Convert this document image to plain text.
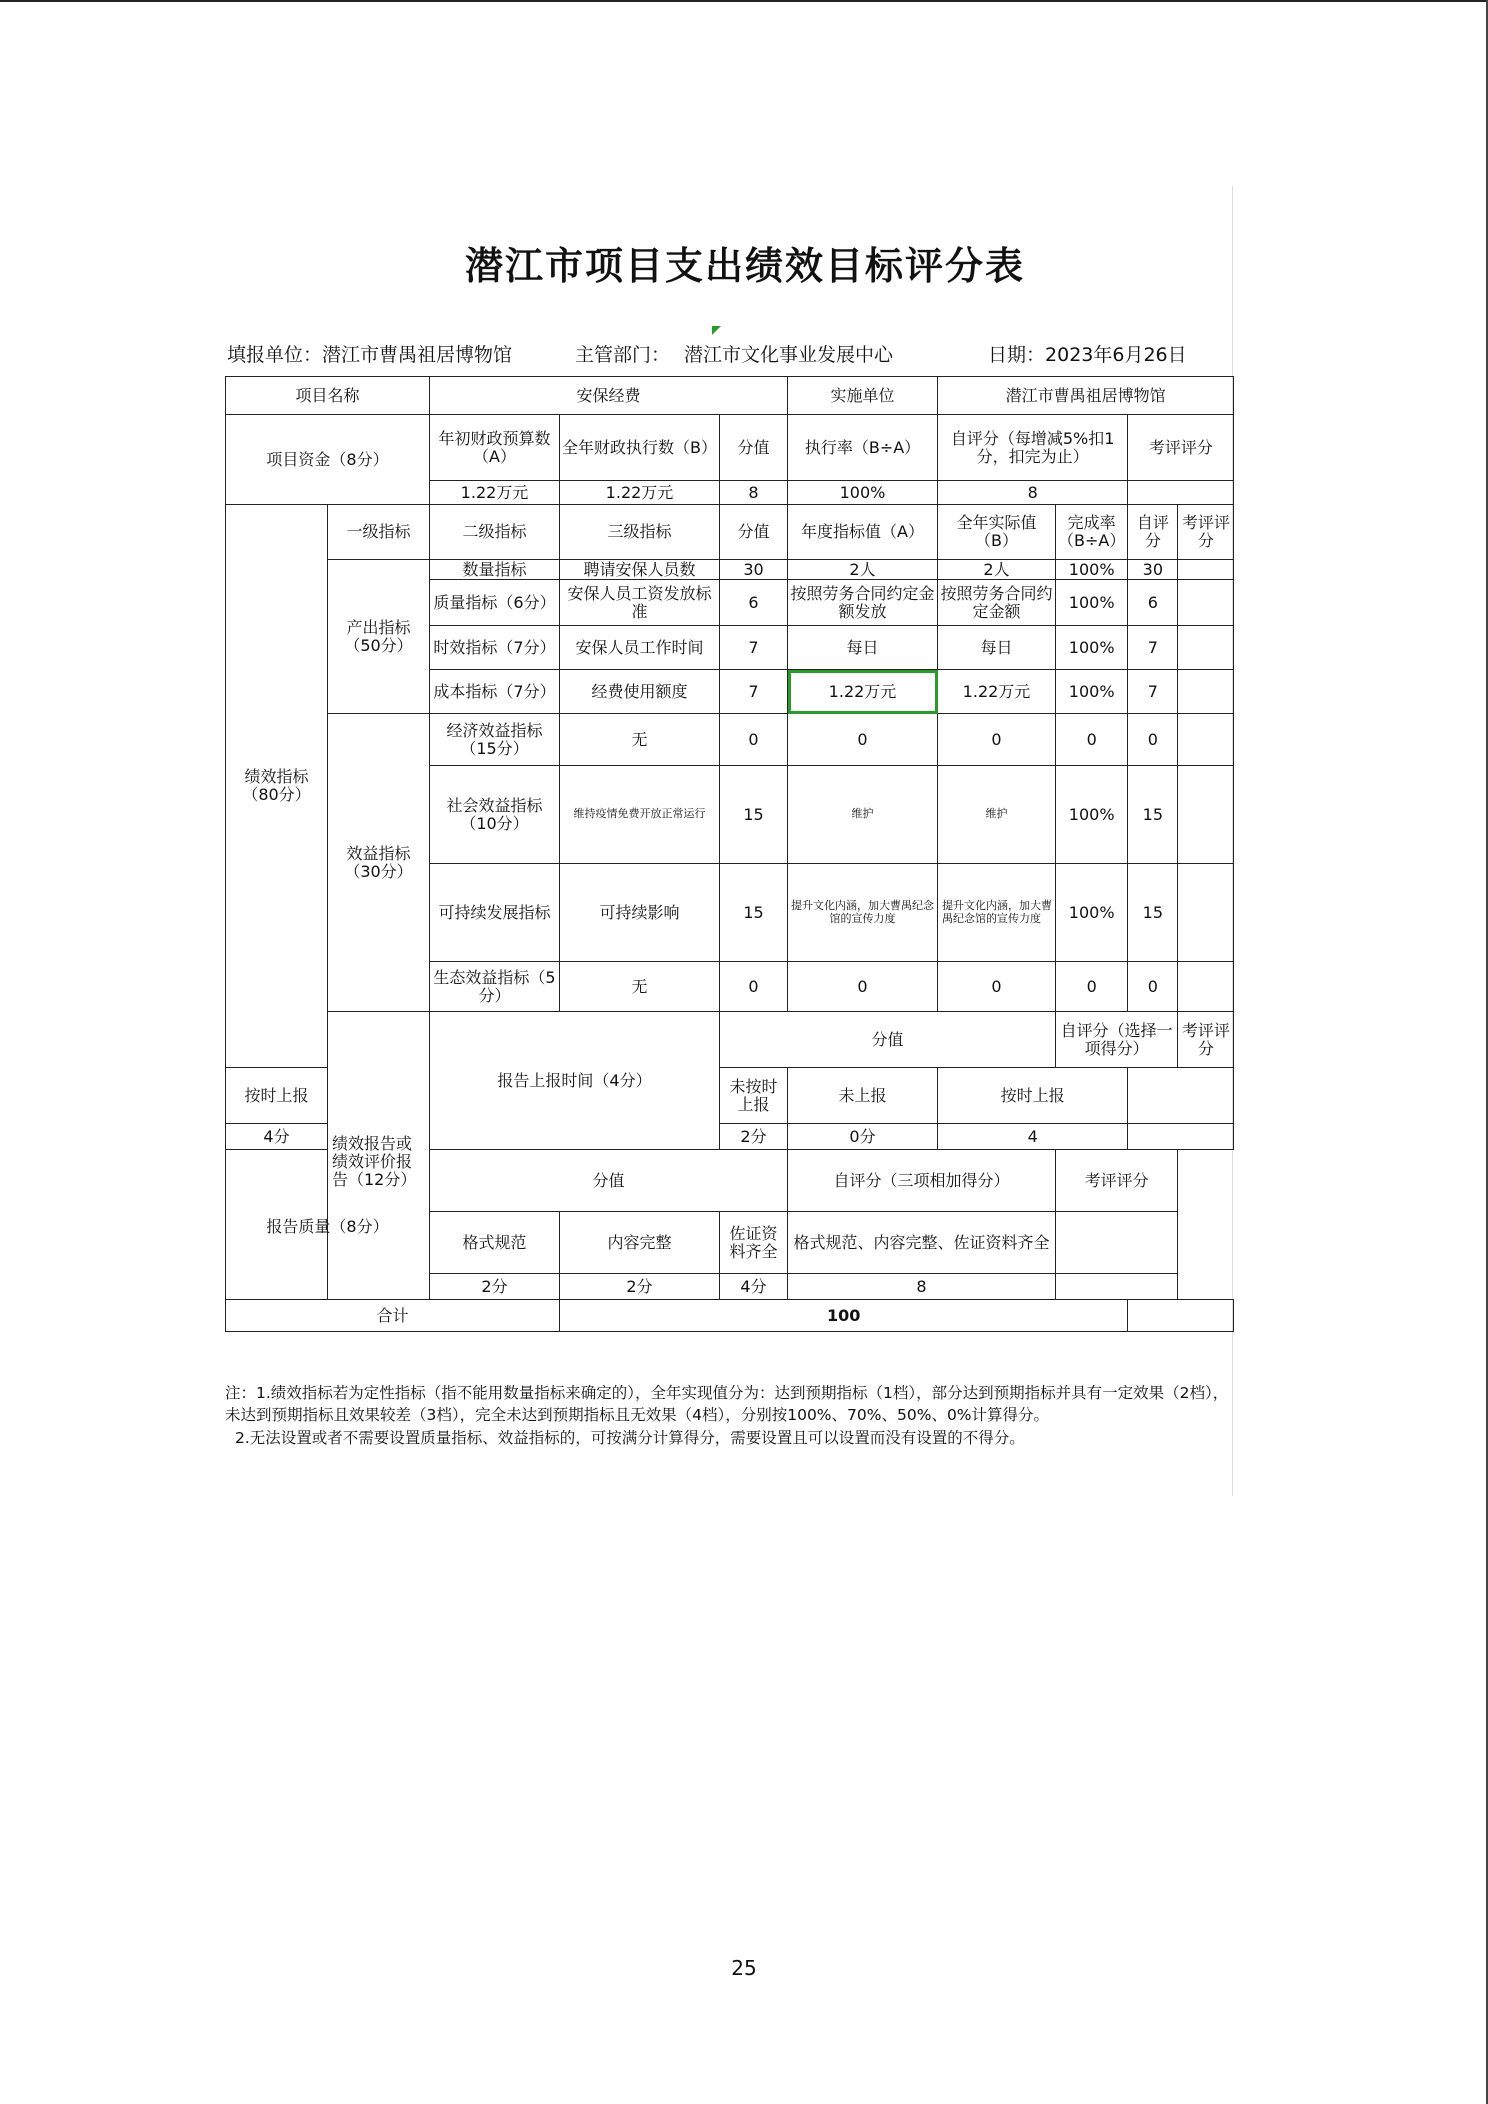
潜江市项目支出绩效目标评分表
填报单位：潜江市曹禺祖居博物馆	主管部门： 潜江市文化事业发展中心	日期：2023年6月26日
项目名称		安保经费			实施单位	潜江市曹禺祖居博物馆			
项目资金（8分）		年初财政预算数（A）	全年财政执行数（B）	分值	执行率（B÷A）	自评分（每增减5%扣1分，扣完为止）		考评评分	
		1.22万元	1.22万元	8	100%	8			
绩效指标（80分）	一级指标	二级指标	三级指标	分值	年度指标值（A）	全年实际值（B）	完成率（B÷A）	自评分	考评评分
	产出指标（50分）	数量指标	聘请安保人员数	30	2人	2人	100%	30	
		质量指标（6分）	安保人员工资发放标准	6	按照劳务合同约定金额发放	按照劳务合同约定金额	100%	6	
		时效指标（7分）	安保人员工作时间	7	每日	每日	100%	7	
		成本指标（7分）	经费使用额度	7	1.22万元	1.22万元	100%	7	
	效益指标（30分）	经济效益指标（15分）	无	0	0	0	0	0	
		社会效益指标（10分）	维持疫情免费开放正常运行	15	维护	维护	100%	15	
		可持续发展指标	可持续影响	15	提升文化内涵，加大曹禺纪念馆的宣传力度	提升文化内涵，加大曹禺纪念馆的宣传力度	100%	15	
		生态效益指标（5分）	无	0	0	0	0	0	
	绩效报告或绩效评价报告（12分）	报告上报时间（4分）		分值			自评分（选择一项得分）		考评评分
按时上报				未按时上报	未上报	按时上报			
4分				2分	0分	4			
报告质量（8分）		分值			自评分（三项相加得分）		考评评分		
		格式规范	内容完整	佐证资料齐全	格式规范、内容完整、佐证资料齐全				
		2分	2分	4分	8				
合计			100						

注：1.绩效指标若为定性指标（指不能用数量指标来确定的），全年实现值分为：达到预期指标（1档），部分达到预期指标并具有一定效果（2档），未达到预期指标且效果较差（3档），完全未达到预期指标且无效果（4档），分别按100%、70%、50%、0%计算得分。

2.无法设置或者不需要设置质量指标、效益指标的，可按满分计算得分，需要设置且可以设置而没有设置的不得分。

25
